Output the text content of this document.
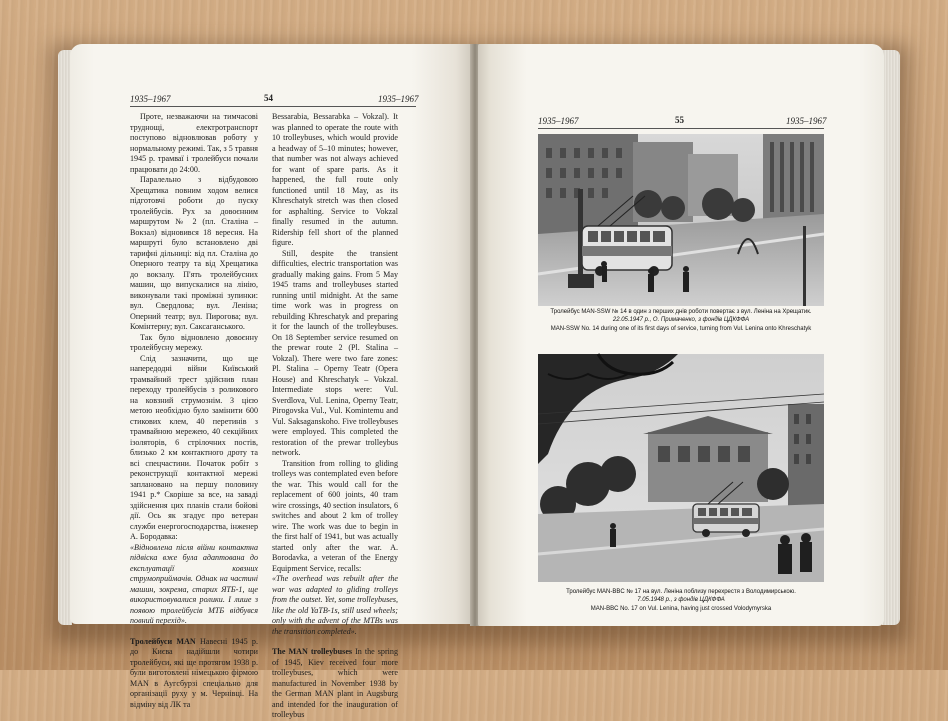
1935–1967	54	1935–1967

Проте, незважаючи на тимчасові труднощі, електротранспорт поступово відновлював роботу у нормальному режимі. Так, з 5 травня 1945 р. трамваї і тролейбуси почали працювати до 24:00.

Паралельно з відбудовою Хрещатика повним ходом велися підготовчі роботи до пуску тролейбусів. Рух за довоєнним маршрутом № 2 (пл. Сталіна – Вокзал) відновився 18 вересня. На маршруті було встановлено дві тарифні дільниці: від пл. Сталіна до Оперного театру та від Хрещатика до вокзалу. П'ять тролейбусних машин, що випускалися на лінію, виконували такі проміжні зупинки: вул. Свердлова; вул. Леніна; Оперний театр; вул. Пирогова; вул. Комінтерну; вул. Саксаганського.

Так було відновлено довоєнну тролейбусну мережу.

Слід зазначити, що ще напередодні війни Київський трамвайний трест здійснив план переходу тролейбусів з роликового на ковзний струмознім. З цією метою необхідно було замінити 600 стикових клем, 40 перетинів з трамвайною мережею, 40 секційних ізоляторів, 6 стрілочних постів, близько 2 км контактного дроту та всі спецчастини. Початок робіт з реконструкції контактної мережі заплановано на першу половину 1941 р.* Скоріше за все, на заваді здійснення цих планів стали бойові дії. Ось як згадує про ветеран служби енергогосподарства, інженер А. Бородавка:

«Відновлена після війни контактна підвіска вже була адаптована до експлуатації ковзних струмоприймачів. Однак на частині машин, зокрема, старих ЯТБ-1, ще використовувалися ролики. І лише з появою тролейбусів МТБ відбувся повний перехід».

Тролейбуси MAN Навесні 1945 р. до Києва надійшли чотири тролейбуси, які ще протягом 1938 р. були виготовлені німецькою фірмою MAN в Аугсбурзі спеціально для організації руху у м. Чернівці. На відміну від ЛК та

Bessarabia, Bessarabka – Vokzal). It was planned to operate the route with 10 trolleybuses, which would provide a headway of 5–10 minutes; however, that number was not always achieved for want of spare parts. As it happened, the full route only functioned until 18 May, as its Khreschatyk stretch was then closed for asphalting. Service to Vokzal finally resumed in the autumn. Ridership fell short of the planned figure.

Still, despite the transient difficulties, electric transportation was gradually making gains. From 5 May 1945 trams and trolleybuses started running until midnight. At the same time work was in progress on rebuilding Khreschatyk and preparing it for the launch of the trolleybuses. On 18 September service resumed on the prewar route 2 (Pl. Stalina – Vokzal). There were two fare zones: Pl. Stalina – Operny Teatr (Opera House) and Khreschatyk – Vokzal. Intermediate stops were: Vul. Sverdlova, Vul. Lenina, Operny Teatr, Pirogovska Vul., Vul. Komintemu and Vul. Saksaganskoho. Five trolleybuses were employed. This completed the restoration of the prewar trolleybus network.

Transition from rolling to gliding trolleys was contemplated even before the war. This would call for the replacement of 600 joints, 40 tram wire crossings, 40 section insulators, 6 switches and about 2 km of trolley wire. The work was due to begin in the first half of 1941, but was actually started only after the war. A. Borodavka, a veteran of the Energy Equipment Service, recalls:

«The overhead was rebuilt after the war was adapted to gliding trolleys from the outset. Yet, some trolleybuses, like the old YaTB-1s, still used wheels; only with the advent of the MTBs was the transition completed».

The MAN trolleybuses In the spring of 1945, Kiev received four more trolleybuses, which were manufactured in November 1938 by the German MAN plant in Augsburg and intended for the inauguration of trolleybus

1935–1967	55	1935–1967
Тролейбус MAN-SSW № 14 в один з перших днів роботи повертає з вул. Леніна на Хрещатик.
22.05.1947 р., О. Примаченко, з фондів ЦДКФФА
MAN-SSW No. 14 during one of its first days of service, turning from Vul. Lenina onto Khreschatyk
Тролейбус MAN-BBC № 17 на вул. Леніна поблизу перехрестя з Володимирською.
7.05.1948 р., з фондів ЦДКФФА
MAN-BBC No. 17 on Vul. Lenina, having just crossed Volodymyrska
